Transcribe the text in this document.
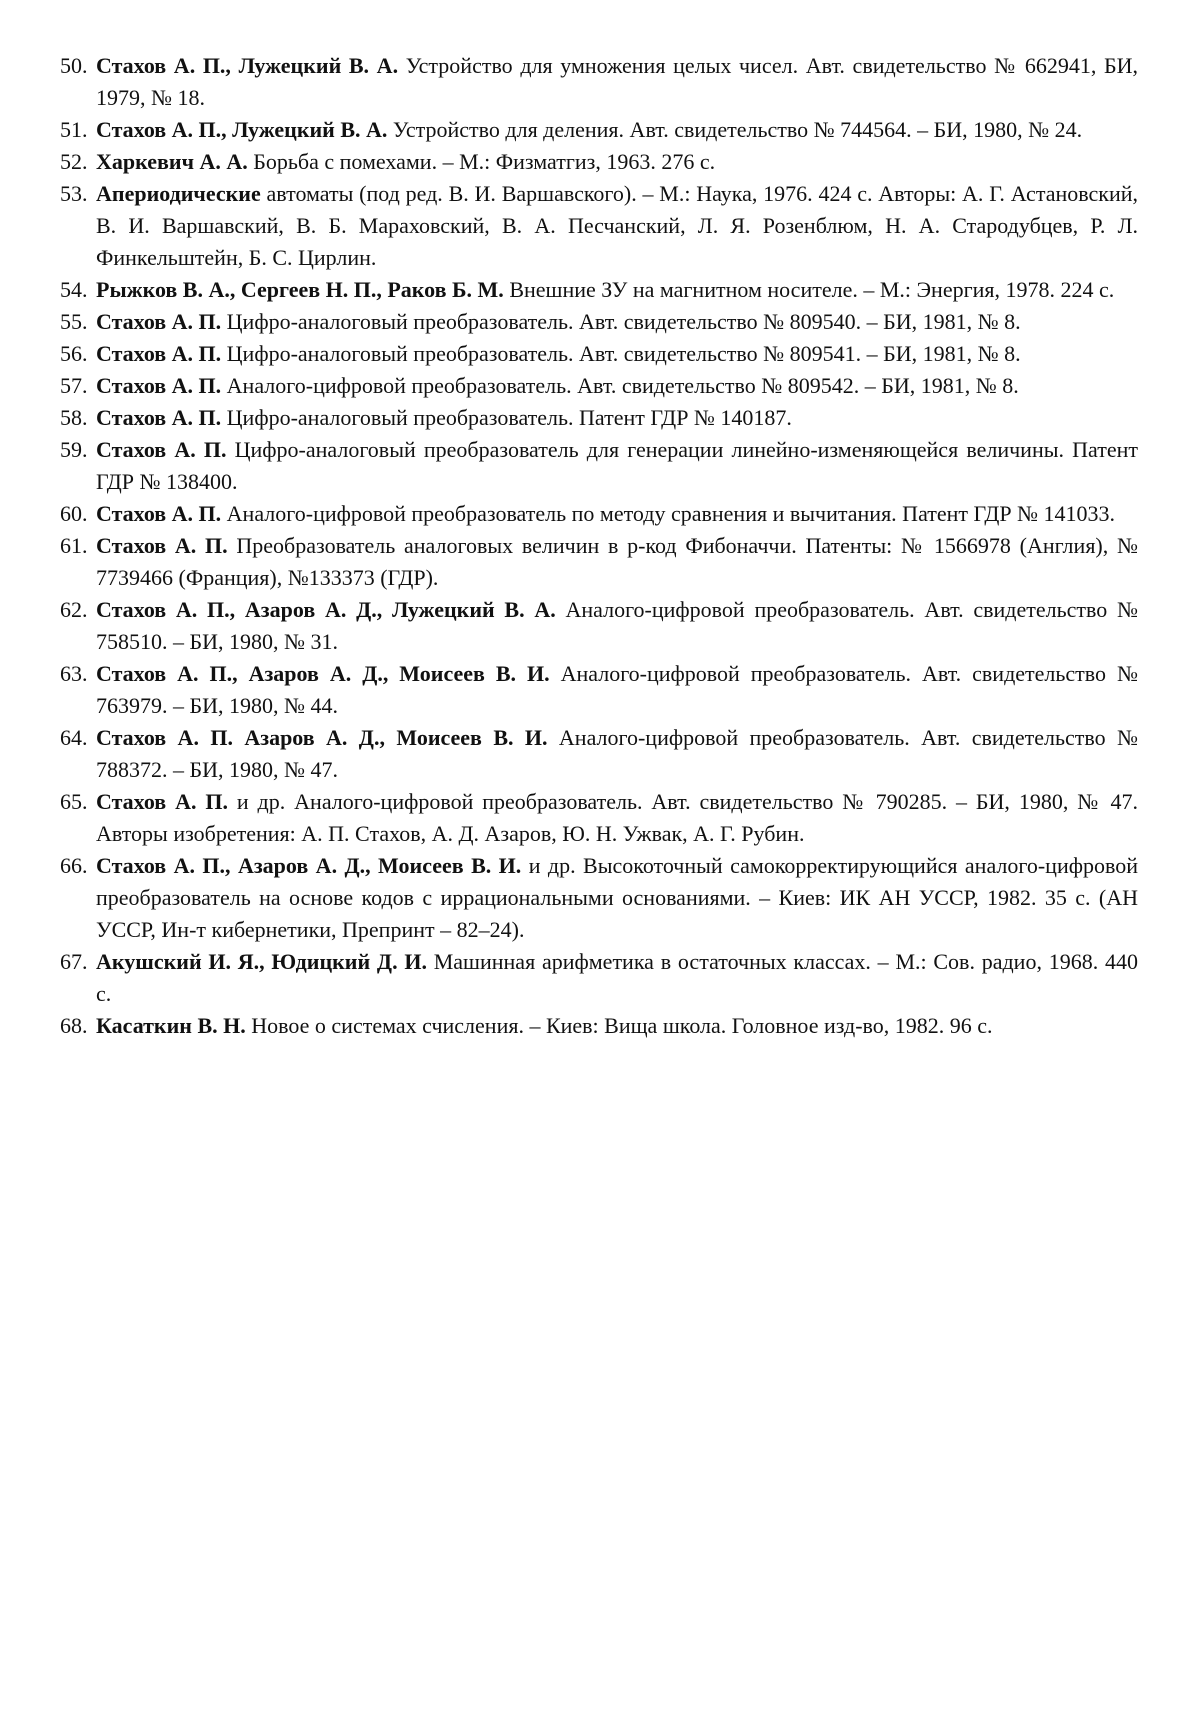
50. Стахов А. П., Лужецкий В. А. Устройство для умножения целых чисел. Авт. свидетельство № 662941, БИ, 1979, № 18.
51. Стахов А. П., Лужецкий В. А. Устройство для деления. Авт. свидетельство № 744564. – БИ, 1980, № 24.
52. Харкевич А. А. Борьба с помехами. – М.: Физматгиз, 1963. 276 с.
53. Апериодические автоматы (под ред. В. И. Варшавского). – М.: Наука, 1976. 424 с. Авторы: А. Г. Астановский, В. И. Варшавский, В. Б. Мараховский, В. А. Песчанский, Л. Я. Розенблюм, Н. А. Стародубцев, Р. Л. Финкельштейн, Б. С. Цирлин.
54. Рыжков В. А., Сергеев Н. П., Раков Б. М. Внешние ЗУ на магнитном носителе. – М.: Энергия, 1978. 224 с.
55. Стахов А. П. Цифро-аналоговый преобразователь. Авт. свидетельство № 809540. – БИ, 1981, № 8.
56. Стахов А. П. Цифро-аналоговый преобразователь. Авт. свидетельство № 809541. – БИ, 1981, № 8.
57. Стахов А. П. Аналого-цифровой преобразователь. Авт. свидетельство № 809542. – БИ, 1981, № 8.
58. Стахов А. П. Цифро-аналоговый преобразователь. Патент ГДР № 140187.
59. Стахов А. П. Цифро-аналоговый преобразователь для генерации линейно-изменяющейся величины. Патент ГДР № 138400.
60. Стахов А. П. Аналого-цифровой преобразователь по методу сравнения и вычитания. Патент ГДР № 141033.
61. Стахов А. П. Преобразователь аналоговых величин в p-код Фибоначчи. Патенты: № 1566978 (Англия), № 7739466 (Франция), №133373 (ГДР).
62. Стахов А. П., Азаров А. Д., Лужецкий В. А. Аналого-цифровой преобразователь. Авт. свидетельство № 758510. – БИ, 1980, № 31.
63. Стахов А. П., Азаров А. Д., Моисеев В. И. Аналого-цифровой преобразователь. Авт. свидетельство № 763979. – БИ, 1980, № 44.
64. Стахов А. П. Азаров А. Д., Моисеев В. И. Аналого-цифровой преобразователь. Авт. свидетельство № 788372. – БИ, 1980, № 47.
65. Стахов А. П. и др. Аналого-цифровой преобразователь. Авт. свидетельство № 790285. – БИ, 1980, № 47. Авторы изобретения: А. П. Стахов, А. Д. Азаров, Ю. Н. Ужвак, А. Г. Рубин.
66. Стахов А. П., Азаров А. Д., Моисеев В. И. и др. Высокоточный самокорректирующийся аналого-цифровой преобразователь на основе кодов с иррациональными основаниями. – Киев: ИК АН УССР, 1982. 35 с. (АН УССР, Ин-т кибернетики, Препринт – 82–24).
67. Акушский И. Я., Юдицкий Д. И. Машинная арифметика в остаточных классах. – М.: Сов. радио, 1968. 440 с.
68. Касаткин В. Н. Новое о системах счисления. – Киев: Вища школа. Головное изд-во, 1982. 96 с.
